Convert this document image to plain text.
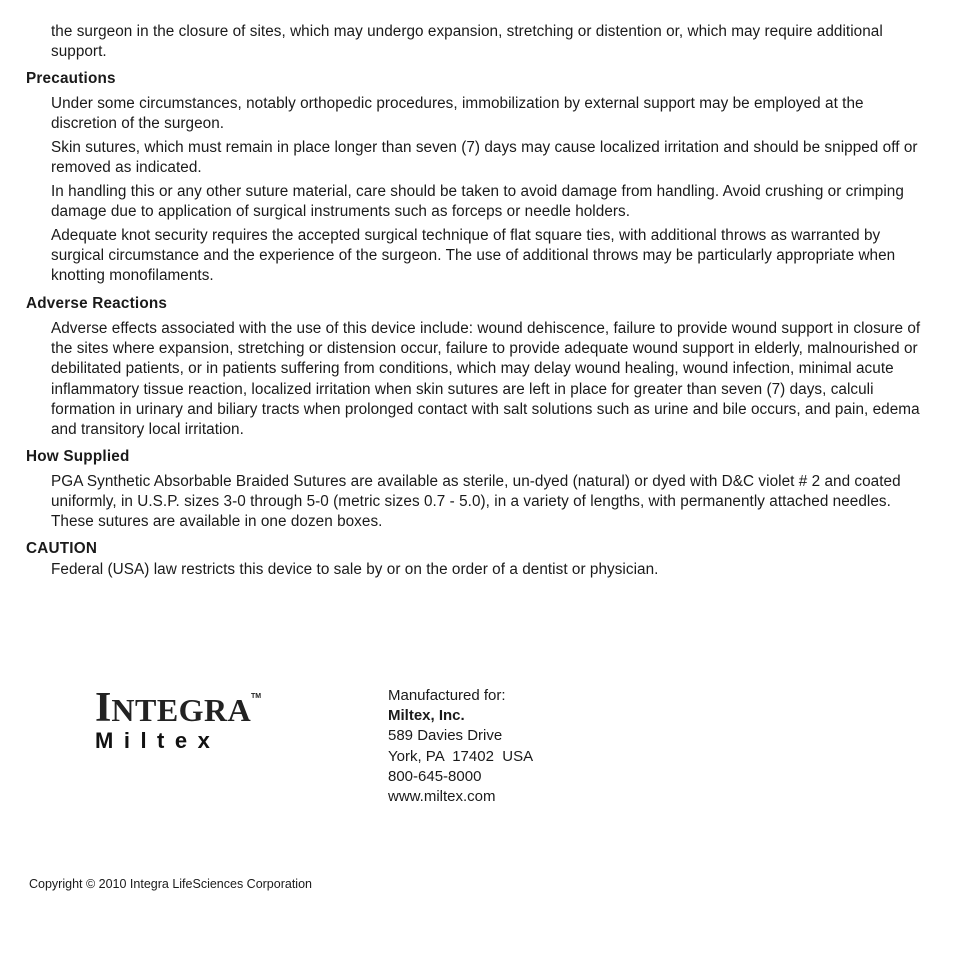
the surgeon in the closure of sites, which may undergo expansion, stretching or distention or, which may require additional support.

Precautions

Under some circumstances, notably orthopedic procedures, immobilization by external support may be employed at the discretion of the surgeon.

Skin sutures, which must remain in place longer than seven (7) days may cause localized irritation and should be snipped off or removed as indicated.

In handling this or any other suture material, care should be taken to avoid damage from handling. Avoid crushing or crimping damage due to application of surgical instruments such as forceps or needle holders.

Adequate knot security requires the accepted surgical technique of flat square ties, with additional throws as warranted by surgical circumstance and the experience of the surgeon. The use of additional throws may be particularly appropriate when knotting monofilaments.

Adverse Reactions

Adverse effects associated with the use of this device include: wound dehiscence, failure to provide wound support in closure of the sites where expansion, stretching or distension occur, failure to provide adequate wound support in elderly, malnourished or debilitated patients, or in patients suffering from conditions, which may delay wound healing, wound infection, minimal acute inflammatory tissue reaction, localized irritation when skin sutures are left in place for greater than seven (7) days, calculi formation in urinary and biliary tracts when prolonged contact with salt solutions such as urine and bile occurs, and pain, edema and transitory local irritation.

How Supplied

PGA Synthetic Absorbable Braided Sutures are available as sterile, un-dyed (natural) or dyed with D&C violet # 2 and coated uniformly, in U.S.P. sizes 3-0 through 5-0 (metric sizes 0.7 - 5.0), in a variety of lengths, with permanently attached needles. These sutures are available in one dozen boxes.

CAUTION

Federal (USA) law restricts this device to sale by or on the order of a dentist or physician.

INTEGRA TM
Miltex
Manufactured for:
Miltex, Inc.
589 Davies Drive
York, PA  17402  USA
800-645-8000
www.miltex.com
Copyright © 2010 Integra LifeSciences Corporation
